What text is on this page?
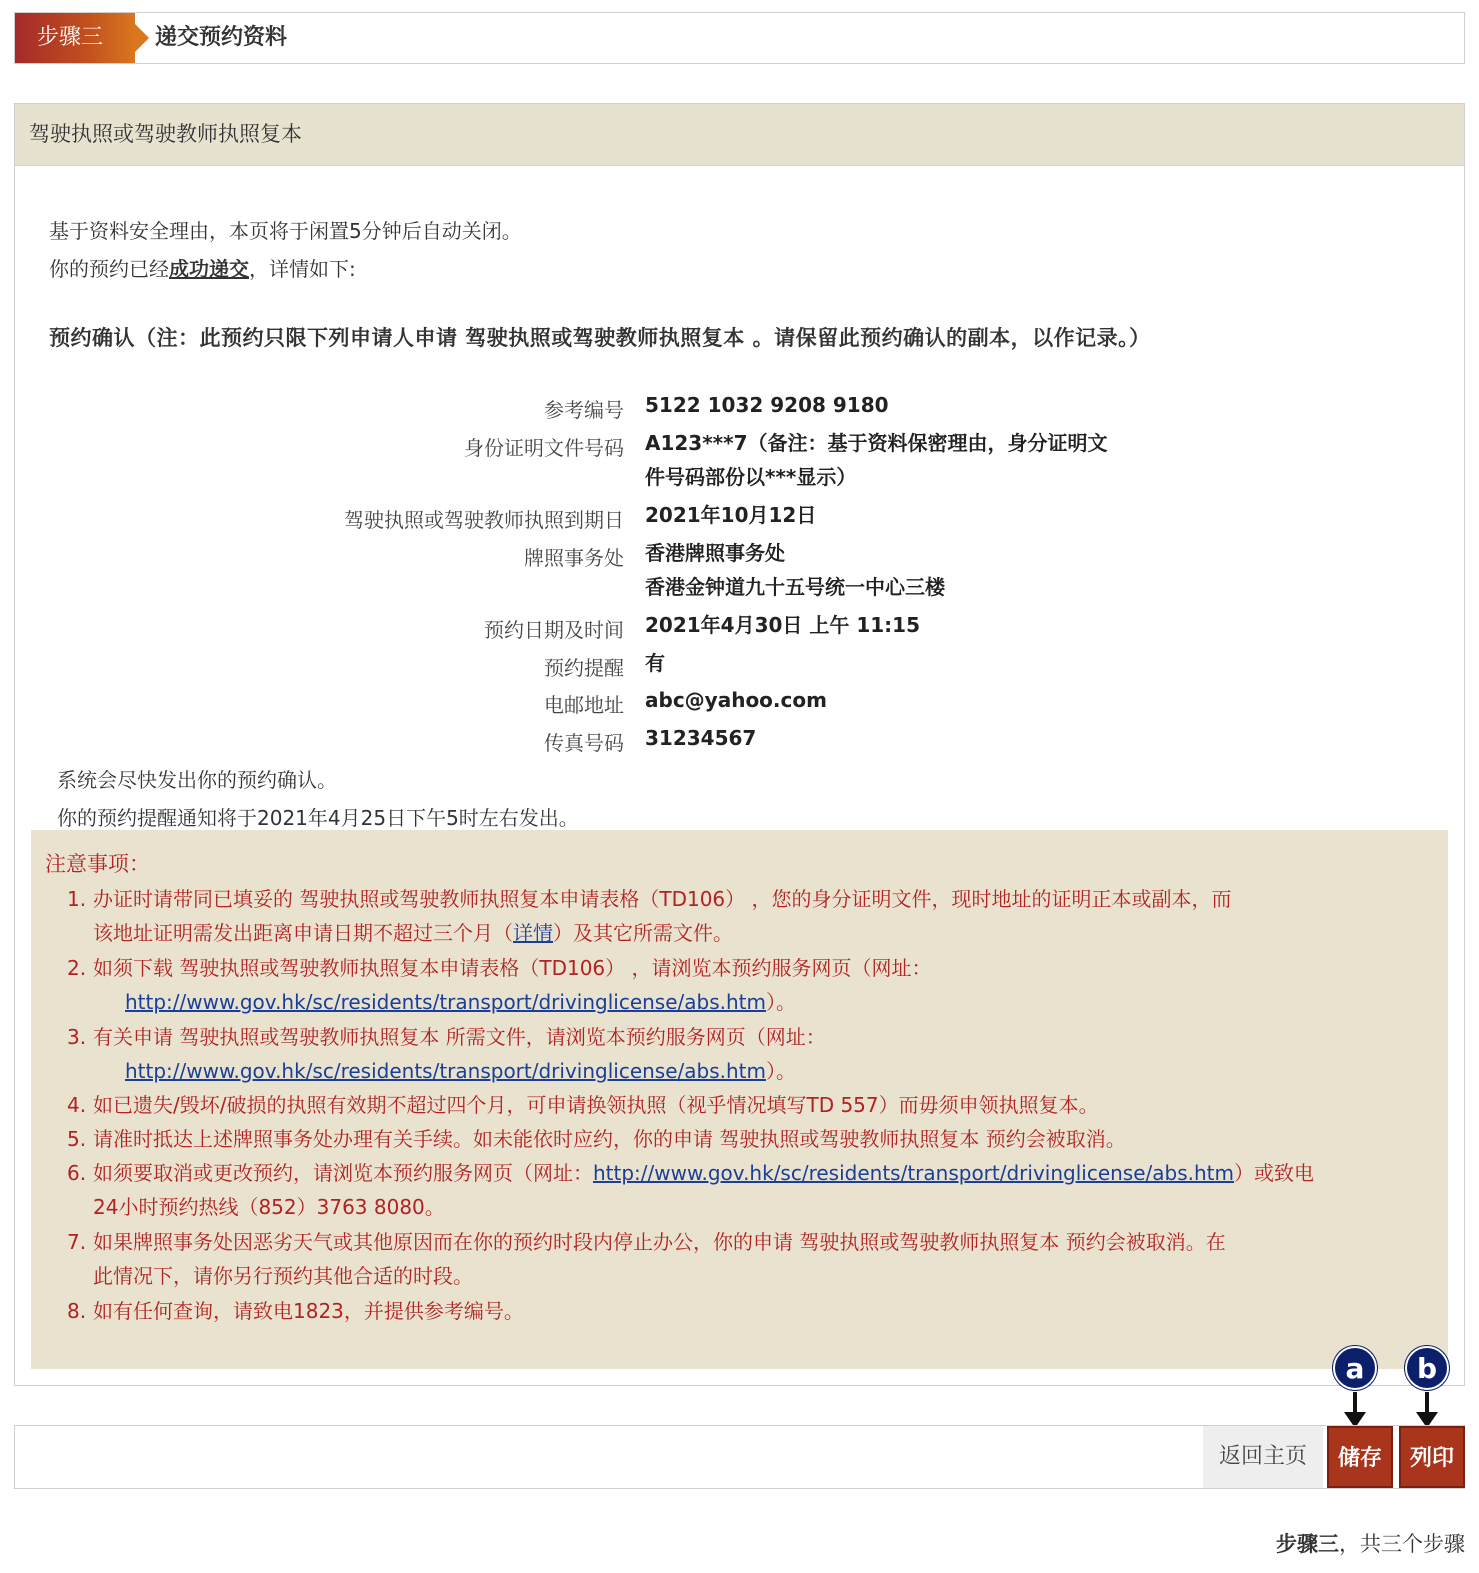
步骤三	递交预约资料
驾驶执照或驾驶教师执照复本
基于资料安全理由，本页将于闲置5分钟后自动关闭。
你的预约已经成功递交，详情如下:
预约确认（注：此预约只限下列申请人申请 驾驶执照或驾驶教师执照复本 。请保留此预约确认的副本，以作记录。）
参考编号 5122 1032 9208 9180
身份证明文件号码 A123***7（备注：基于资料保密理由，身分证明文
件号码部份以***显示）
驾驶执照或驾驶教师执照到期日 2021年10月12日
牌照事务处 香港牌照事务处
香港金钟道九十五号统一中心三楼
预约日期及时间 2021年4月30日 上午 11:15
预约提醒 有
电邮地址 abc@yahoo.com
传真号码 31234567
系统会尽快发出你的预约确认。
你的预约提醒通知将于2021年4月25日下午5时左右发出。
注意事项：
1. 办证时请带同已填妥的 驾驶执照或驾驶教师执照复本申请表格（TD106） ，您的身分证明文件，现时地址的证明正本或副本，而
该地址证明需发出距离申请日期不超过三个月（详情）及其它所需文件。
2. 如须下载 驾驶执照或驾驶教师执照复本申请表格（TD106） ，请浏览本预约服务网页（网址：

http://www.gov.hk/sc/residents/transport/drivinglicense/abs.htm）。
3. 有关申请 驾驶执照或驾驶教师执照复本 所需文件，请浏览本预约服务网页（网址：

http://www.gov.hk/sc/residents/transport/drivinglicense/abs.htm）。
4. 如已遗失/毁坏/破损的执照有效期不超过四个月，可申请换领执照（视乎情况填写TD 557）而毋须申领执照复本。
5. 请准时抵达上述牌照事务处办理有关手续。如未能依时应约，你的申请 驾驶执照或驾驶教师执照复本 预约会被取消。
6. 如须要取消或更改预约，请浏览本预约服务网页（网址：http://www.gov.hk/sc/residents/transport/drivinglicense/abs.htm）或致电
24小时预约热线（852）3763 8080。
7. 如果牌照事务处因恶劣天气或其他原因而在你的预约时段内停止办公，你的申请 驾驶执照或驾驶教师执照复本 预约会被取消。在
此情况下，请你另行预约其他合适的时段。
8. 如有任何查询，请致电1823，并提供参考编号。
a	b
返回主页	储存	列印
步骤三，共三个步骤
